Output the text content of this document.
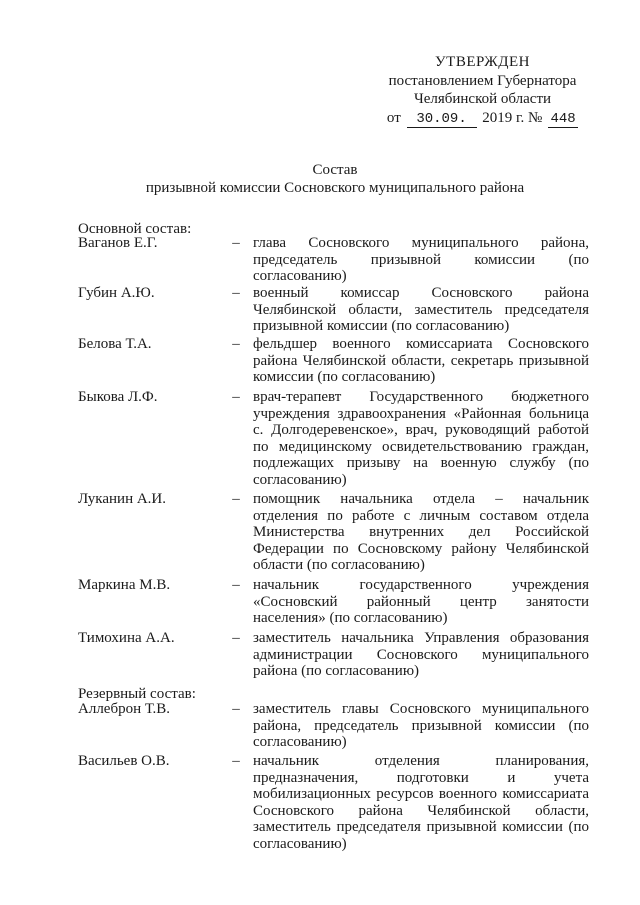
УТВЕРЖДЕН
постановлением Губернатора
Челябинской области
от 30.09. 2019 г. № 448
Состав
призывной комиссии Сосновского муниципального района
Основной состав:
Ваганов Е.Г.	– глава Сосновского муниципального района, председатель призывной комиссии (по согласованию)
Губин А.Ю.	– военный комиссар Сосновского района Челябинской области, заместитель председателя призывной комиссии (по согласованию)
Белова Т.А.	– фельдшер военного комиссариата Сосновского района Челябинской области, секретарь призывной комиссии (по согласованию)
Быкова Л.Ф.	– врач-терапевт Государственного бюджетного учреждения здравоохранения «Районная больница с. Долгодеревенское», врач, руководящий работой по медицинскому освидетельствованию граждан, подлежащих призыву на военную службу (по согласованию)
Луканин А.И.	– помощник начальника отдела – начальник отделения по работе с личным составом отдела Министерства внутренних дел Российской Федерации по Сосновскому району Челябинской области (по согласованию)
Маркина М.В.	– начальник государственного учреждения «Сосновский районный центр занятости населения» (по согласованию)
Тимохина А.А.	– заместитель начальника Управления образования администрации Сосновского муниципального района (по согласованию)
Резервный состав:
Аллеброн Т.В.	– заместитель главы Сосновского муниципального района, председатель призывной комиссии (по согласованию)
Васильев О.В.	– начальник отделения планирования, предназначения, подготовки и учета мобилизационных ресурсов военного комиссариата Сосновского района Челябинской области, заместитель председателя призывной комиссии (по согласованию)
